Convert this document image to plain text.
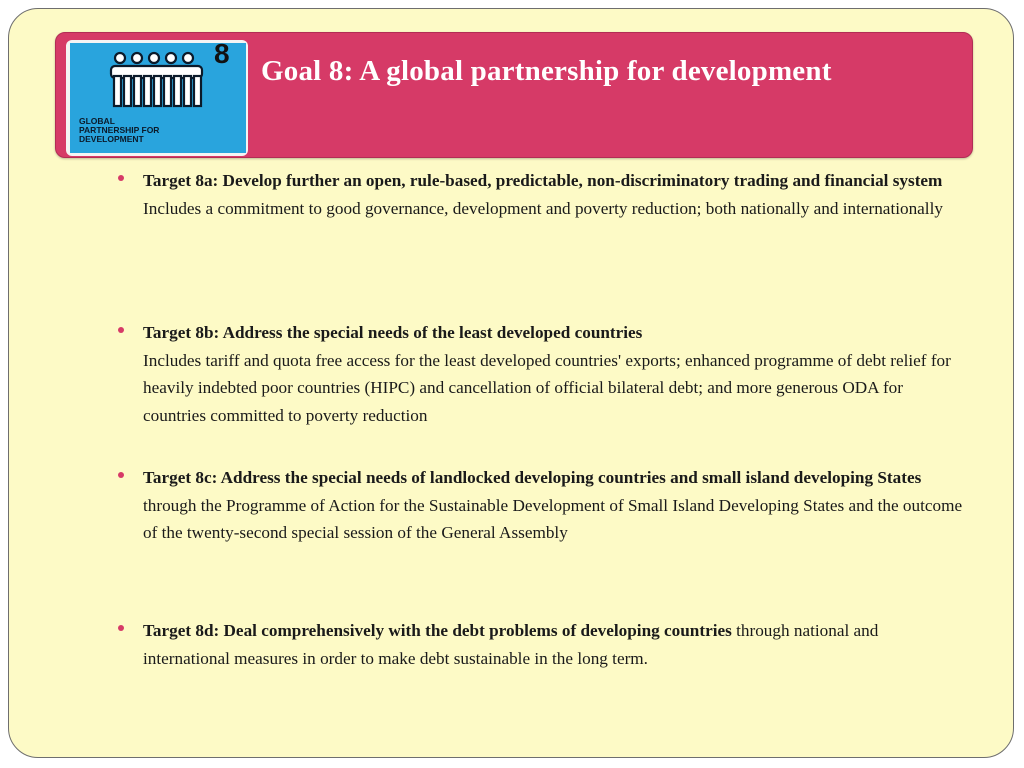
8
GLOBAL
PARTNERSHIP FOR
DEVELOPMENT
Goal 8: A global partnership for development
Target 8a: Develop further an open, rule-based, predictable, non-discriminatory trading and financial system
Includes a commitment to good governance, development and poverty reduction; both nationally and internationally
Target 8b: Address the special needs of the least developed countries
Includes tariff and quota free access for the least developed countries' exports; enhanced programme of debt relief for heavily indebted poor countries (HIPC) and cancellation of official bilateral debt; and more generous ODA for countries committed to poverty reduction
Target 8c: Address the special needs of landlocked developing countries and small island developing States through the Programme of Action for the Sustainable Development of Small Island Developing States and the outcome of the twenty-second special session of the General Assembly
Target 8d: Deal comprehensively with the debt problems of developing countries through national and international measures in order to make debt sustainable in the long term.
